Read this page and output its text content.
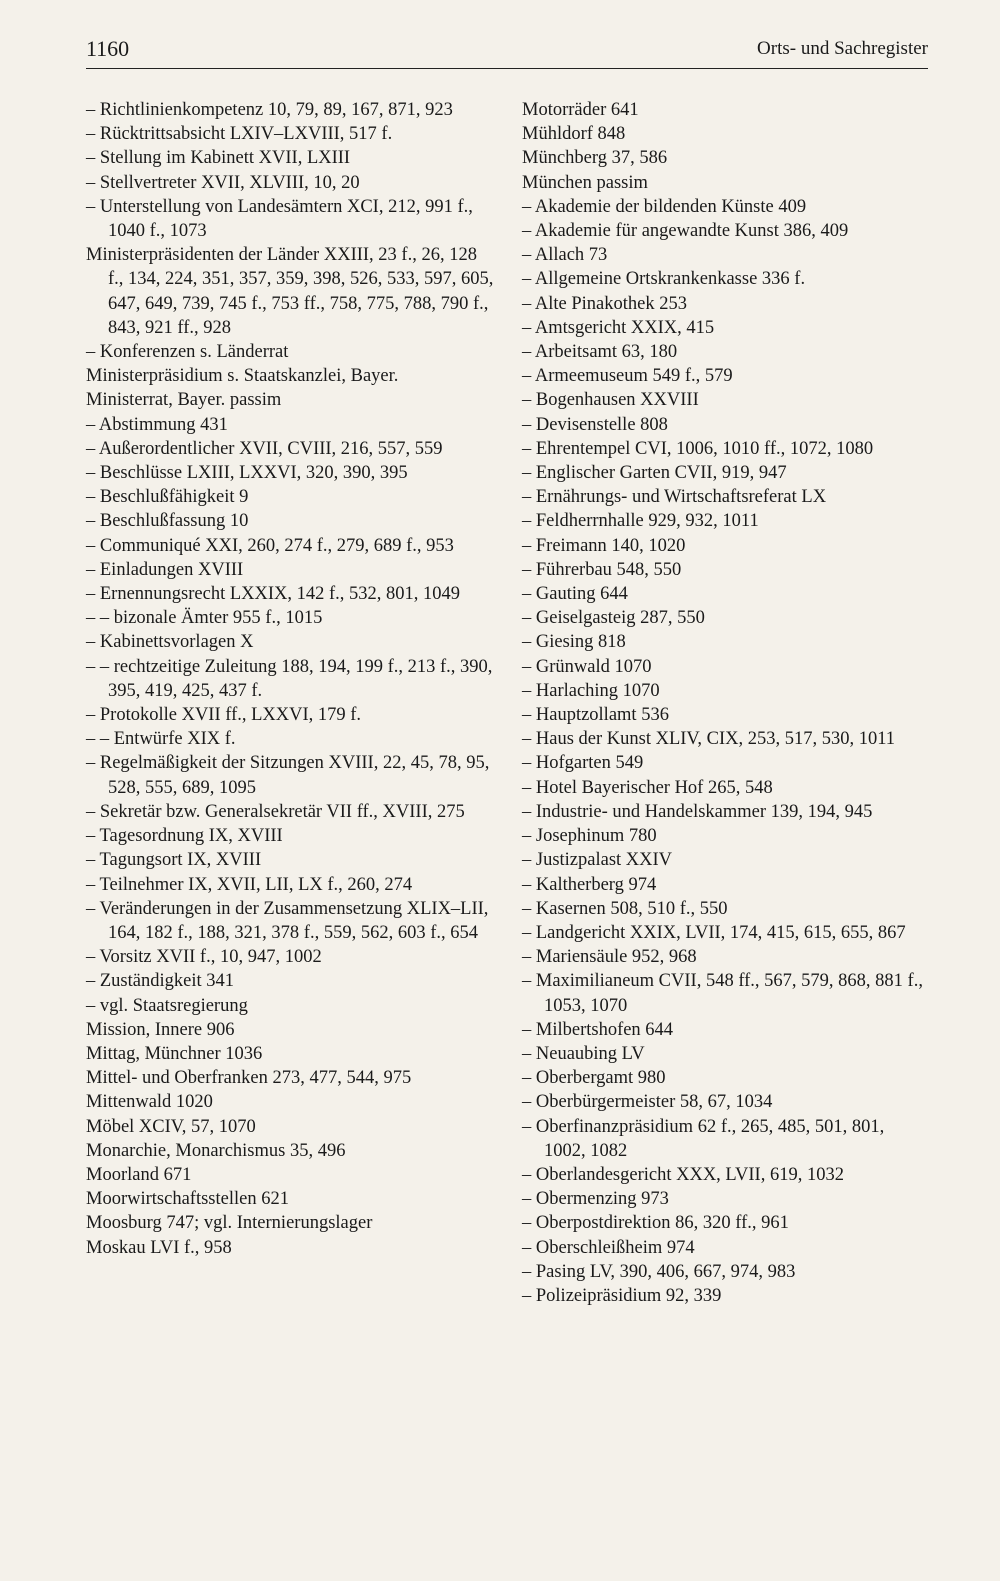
1160	Orts- und Sachregister
– Richtlinienkompetenz 10, 79, 89, 167, 871, 923
– Rücktrittsabsicht LXIV–LXVIII, 517 f.
– Stellung im Kabinett XVII, LXIII
– Stellvertreter XVII, XLVIII, 10, 20
– Unterstellung von Landesämtern XCI, 212, 991 f., 1040 f., 1073
Ministerpräsidenten der Länder XXIII, 23 f., 26, 128 f., 134, 224, 351, 357, 359, 398, 526, 533, 597, 605, 647, 649, 739, 745 f., 753 ff., 758, 775, 788, 790 f., 843, 921 ff., 928
– Konferenzen s. Länderrat
Ministerpräsidium s. Staatskanzlei, Bayer.
Ministerrat, Bayer. passim
– Abstimmung 431
– Außerordentlicher XVII, CVIII, 216, 557, 559
– Beschlüsse LXIII, LXXVI, 320, 390, 395
– Beschlußfähigkeit 9
– Beschlußfassung 10
– Communiqué XXI, 260, 274 f., 279, 689 f., 953
– Einladungen XVIII
– Ernennungsrecht LXXIX, 142 f., 532, 801, 1049
– – bizonale Ämter 955 f., 1015
– Kabinettsvorlagen X
– – rechtzeitige Zuleitung 188, 194, 199 f., 213 f., 390, 395, 419, 425, 437 f.
– Protokolle XVII ff., LXXVI, 179 f.
– – Entwürfe XIX f.
– Regelmäßigkeit der Sitzungen XVIII, 22, 45, 78, 95, 528, 555, 689, 1095
– Sekretär bzw. Generalsekretär VII ff., XVIII, 275
– Tagesordnung IX, XVIII
– Tagungsort IX, XVIII
– Teilnehmer IX, XVII, LII, LX f., 260, 274
– Veränderungen in der Zusammensetzung XLIX–LII, 164, 182 f., 188, 321, 378 f., 559, 562, 603 f., 654
– Vorsitz XVII f., 10, 947, 1002
– Zuständigkeit 341
– vgl. Staatsregierung
Mission, Innere 906
Mittag, Münchner 1036
Mittel- und Oberfranken 273, 477, 544, 975
Mittenwald 1020
Möbel XCIV, 57, 1070
Monarchie, Monarchismus 35, 496
Moorland 671
Moorwirtschaftsstellen 621
Moosburg 747; vgl. Internierungslager
Moskau LVI f., 958
Motorräder 641
Mühldorf 848
Münchberg 37, 586
München passim
– Akademie der bildenden Künste 409
– Akademie für angewandte Kunst 386, 409
– Allach 73
– Allgemeine Ortskrankenkasse 336 f.
– Alte Pinakothek 253
– Amtsgericht XXIX, 415
– Arbeitsamt 63, 180
– Armeemuseum 549 f., 579
– Bogenhausen XXVIII
– Devisenstelle 808
– Ehrentempel CVI, 1006, 1010 ff., 1072, 1080
– Englischer Garten CVII, 919, 947
– Ernährungs- und Wirtschaftsreferat LX
– Feldherrnhalle 929, 932, 1011
– Freimann 140, 1020
– Führerbau 548, 550
– Gauting 644
– Geiselgasteig 287, 550
– Giesing 818
– Grünwald 1070
– Harlaching 1070
– Hauptzollamt 536
– Haus der Kunst XLIV, CIX, 253, 517, 530, 1011
– Hofgarten 549
– Hotel Bayerischer Hof 265, 548
– Industrie- und Handelskammer 139, 194, 945
– Josephinum 780
– Justizpalast XXIV
– Kaltherberg 974
– Kasernen 508, 510 f., 550
– Landgericht XXIX, LVII, 174, 415, 615, 655, 867
– Mariensäule 952, 968
– Maximilianeum CVII, 548 ff., 567, 579, 868, 881 f., 1053, 1070
– Milbertshofen 644
– Neuaubing LV
– Oberbergamt 980
– Oberbürgermeister 58, 67, 1034
– Oberfinanzpräsidium 62 f., 265, 485, 501, 801, 1002, 1082
– Oberlandesgericht XXX, LVII, 619, 1032
– Obermenzing 973
– Oberpostdirektion 86, 320 ff., 961
– Oberschleißheim 974
– Pasing LV, 390, 406, 667, 974, 983
– Polizeipräsidium 92, 339
